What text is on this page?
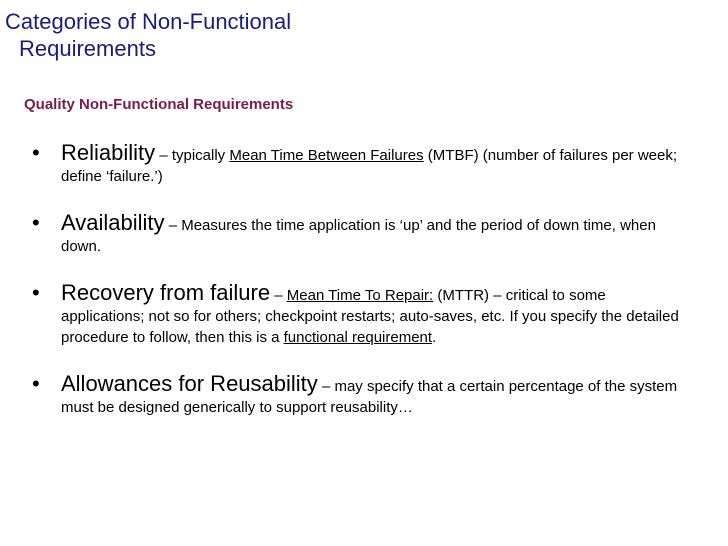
Categories of Non-Functional
Requirements
Quality Non-Functional Requirements
• Reliability – typically Mean Time Between Failures (MTBF) (number of failures per week; define ‘failure.’)
• Availability – Measures the time application is ‘up’ and the period of down time, when down.
• Recovery from failure – Mean Time To Repair: (MTTR) – critical to some applications; not so for others; checkpoint restarts; auto-saves, etc. If you specify the detailed procedure to follow, then this is a functional requirement.
• Allowances for Reusability – may specify that a certain percentage of the system must be designed generically to support reusability…
